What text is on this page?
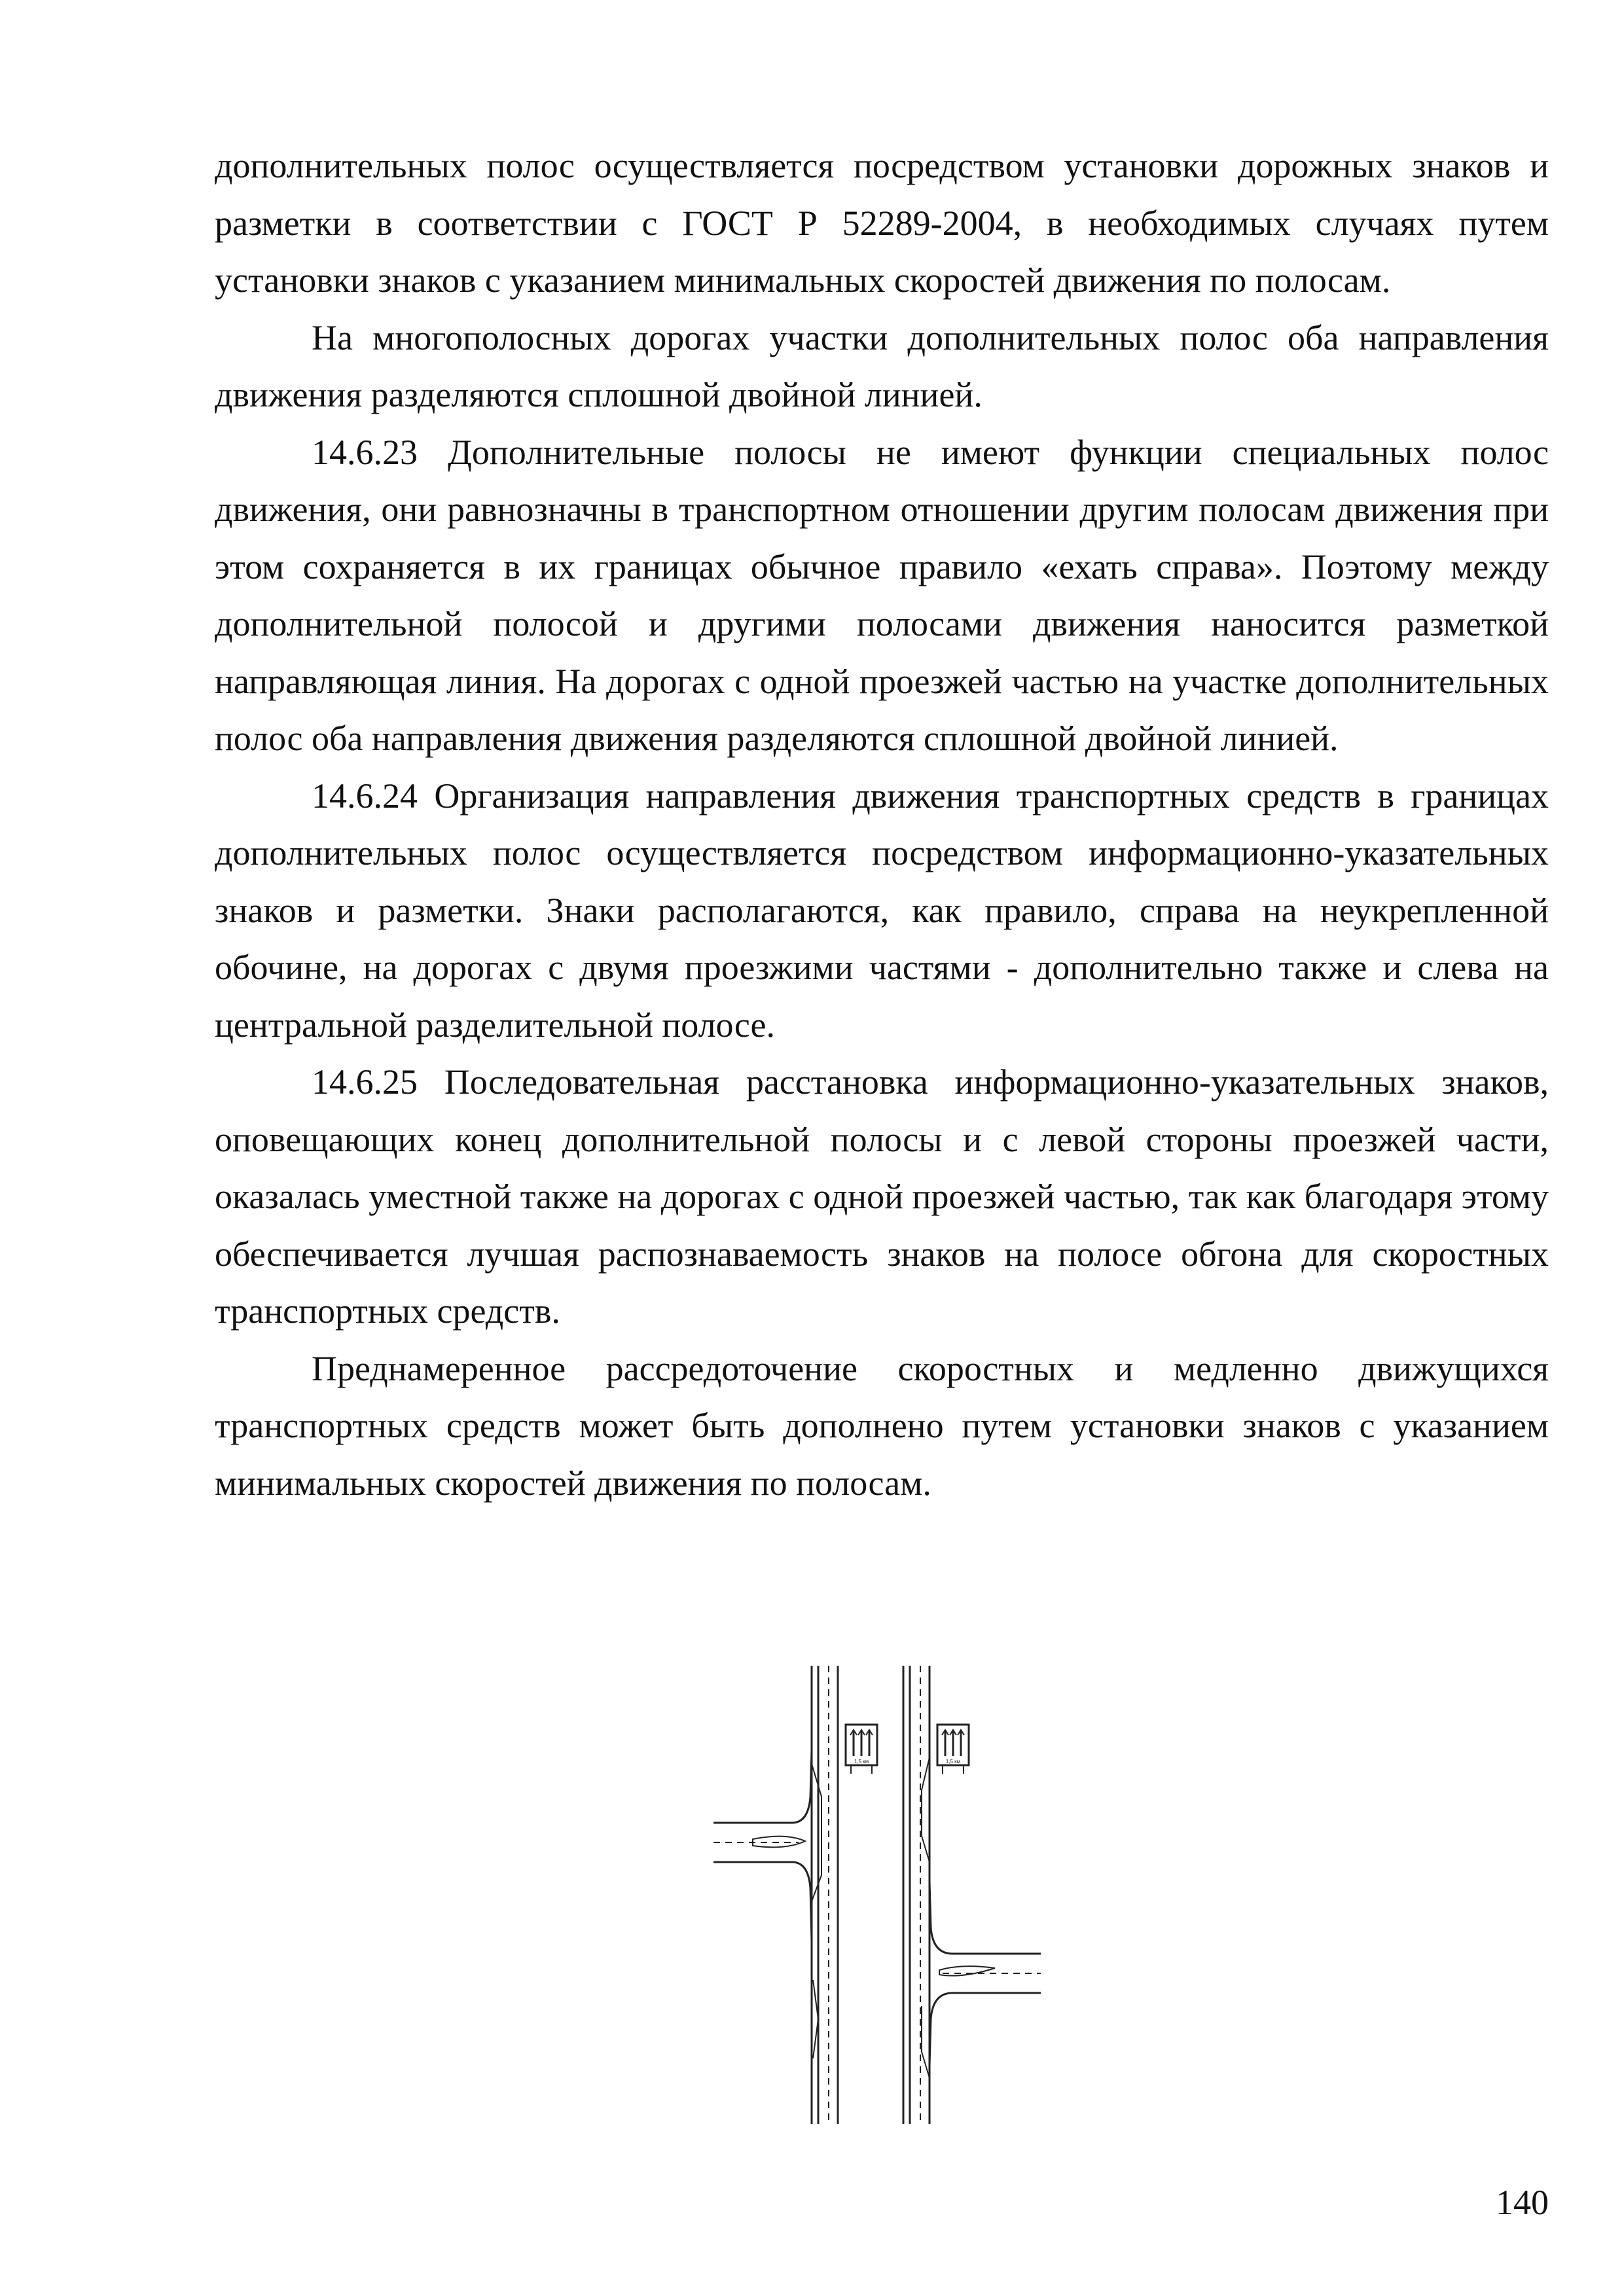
дополнительных полос осуществляется посредством установки дорожных знаков и разметки в соответствии с ГОСТ Р 52289-2004, в необходимых случаях путем установки знаков с указанием минимальных скоростей движения по полосам.

На многополосных дорогах участки дополнительных полос оба направления движения разделяются сплошной двойной линией.

14.6.23 Дополнительные полосы не имеют функции специальных полос движения, они равнозначны в транспортном отношении другим полосам движения при этом сохраняется в их границах обычное правило «ехать справа». Поэтому между дополнительной полосой и другими полосами движения наносится разметкой направляющая линия. На дорогах с одной проезжей частью на участке дополнительных полос оба направления движения разделяются сплошной двойной линией.

14.6.24 Организация направления движения транспортных средств в границах дополнительных полос осуществляется посредством информационно-указательных знаков и разметки. Знаки располагаются, как правило, справа на неукрепленной обочине, на дорогах с двумя проезжими частями - дополнительно также и слева на центральной разделительной полосе.

14.6.25 Последовательная расстановка информационно-указательных знаков, оповещающих конец дополнительной полосы и с левой стороны проезжей части, оказалась уместной также на дорогах с одной проезжей частью, так как благодаря этому обеспечивается лучшая распознаваемость знаков на полосе обгона для скоростных транспортных средств.

Преднамеренное рассредоточение скоростных и медленно движущихся транспортных средств может быть дополнено путем установки знаков с указанием минимальных скоростей движения по полосам.

1,5 км	1,5 км
140
